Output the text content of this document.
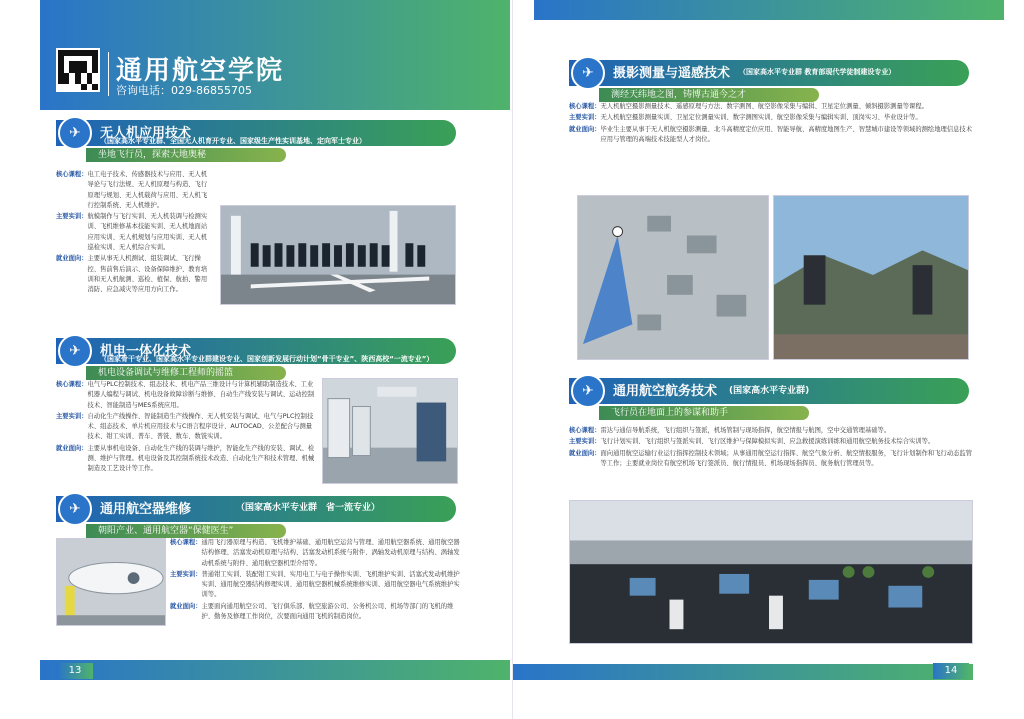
通用航空学院
咨询电话：029-86855705
✈	无人机应用技术
（国家高水平专业群、全国无人机育开专业、国家级生产性实训基地、定向军士专业）
坐地飞行员，探索大地奥秘
核心课程： 电工电子技术、传感器技术与应用、无人机导论与飞行法规、无人机原理与构造、飞行原理与规划、无人机载荷与应用、无人机飞行控制系统、无人机维护。
主要实训： 航模制作与飞行实训、无人机装调与检测实训、飞机维修基本技能实训、无人机地面站应用实训、无人机规划与应用实训、无人机巡检实训、无人机综合实训。
就业面向： 主要从事无人机测试、组装调试、飞行操控、售前售后演示、设备保障维护、教育培训和无人机航测、巡检、植保、航拍、警用消防、应急减灾等应用方向工作。
✈	机电一体化技术
（国家骨干专业、国家高水平专业群建设专业、国家创新发展行动计划“骨干专业”、陕西高校“一流专业”）
机电设备调试与维修工程师的摇篮
核心课程： 电气与PLC控制技术、组态技术、机电产品三维设计与计算机辅助制造技术、工业机器人编程与调试、机电设备故障诊断与维修、自动生产线安装与调试、运动控制技术、智能制造与MES系统应用。
主要实训： 自动化生产线操作、智能制造生产线操作、无人机安装与调试、电气与PLC控制技术、组态技术、单片机应用技术与C语言程序设计、AUTOCAD、公差配合与测量技术、钳工实训、普车、普铣、数车、数铣实训。
就业面向： 主要从事机电设备、自动化生产线的装调与维护，智能化生产线的安装、调试、检测、维护与管理。机电设备及其控制系统技术改造、自动化生产和技术管理、机械制造及工艺设计等工作。
✈	通用航空器维修	（国家高水平专业群　省一流专业）
朝阳产业、通用航空器“保健医生”
核心课程： 通用飞行器原理与构造、飞机维护基础、通用航空运营与管理、通用航空器系统、通用航空器结构修理、活塞发动机原理与结构、活塞发动机系统与附件、涡轴发动机原理与结构、涡轴发动机系统与附件、通用航空器机型介绍等。
主要实训： 普通钳工实训、装配钳工实训、实用电工与电子操作实训、飞机维护实训、活塞式发动机维护实训、通用航空器结构修理实训、通用航空器机械系统维修实训、通用航空器电气系统维护实训等。
就业面向： 主要面向通用航空公司、飞行俱乐部、航空旅游公司、公务机公司、机场等部门的飞机的维护、勤务及修理工作岗位，次要面向通用飞机的制造岗位。
13
✈	摄影测量与遥感技术 （国家高水平专业群 教育部现代学徒制建设专业）
测经天纬地之图，铸博古通今之才
核心课程： 无人机航空摄影测量技术、遥感原理与方法、数字测图、航空影像采集与编辑、卫星定位测量、倾斜摄影测量等课程。
主要实训： 无人机航空摄影测量实训、卫星定位测量实训、数字测图实训、航空影像采集与编辑实训、顶岗实习、毕业设计等。
就业面向： 毕业生主要从事于无人机航空摄影测量、北斗高精度定位应用、智能导航、高精度地图生产、智慧城市建设等领域的测绘地理信息技术应用与管理的高端技术技能型人才岗位。
✈	通用航空航务技术 (国家高水平专业群)
飞行员在地面上的参谋和助手
核心课程： 雷达与通信导航系统，飞行组织与签派，机场管制与现场指挥，航空情报与航图，空中交通管理基础等。
主要实训： 飞行计划实训、飞行组织与签派实训、飞行区维护与保障模拟实训、应急救援演练训练和通用航空航务技术综合实训等。
就业面向： 面向通用航空运输行业运行指挥控制技术领域；从事通用航空运行指挥、航空气象分析、航空情报服务，飞行计划制作和飞行动态监管等工作；主要就业岗位有航空机场飞行签派员、航行情报员、机场现场指挥员、航务航行管理员等。
14
